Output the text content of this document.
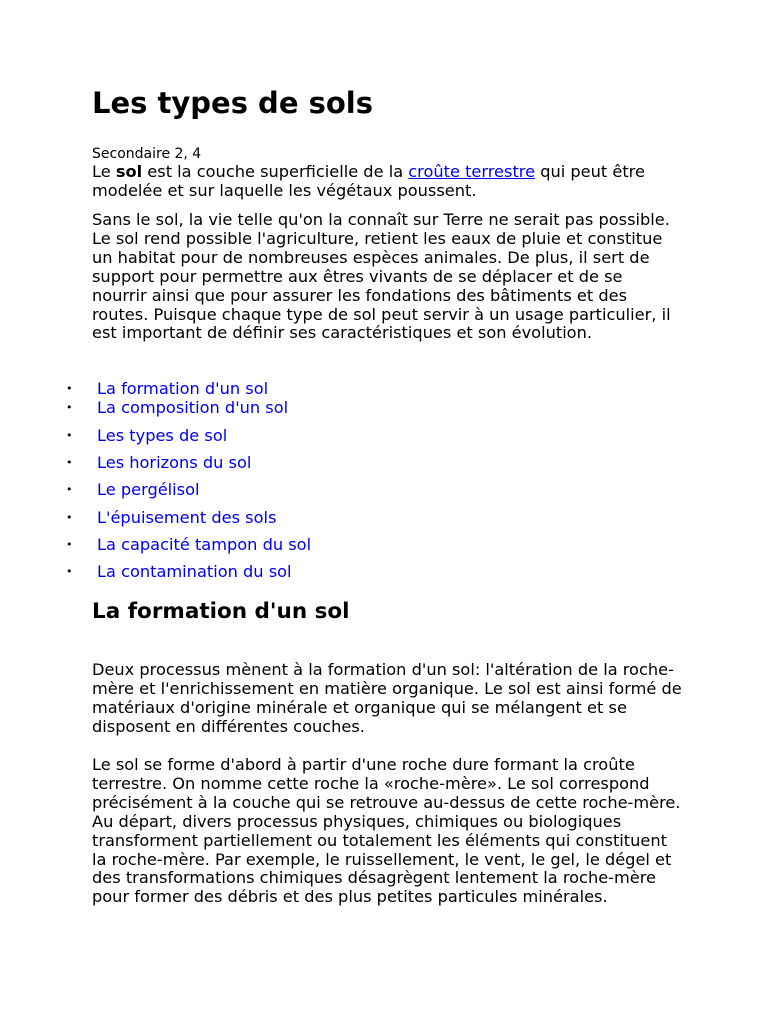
Les types de sols
Secondaire 2, 4

Le sol est la couche superficielle de la croûte terrestre qui peut être modelée et sur laquelle les végétaux poussent.

Sans le sol, la vie telle qu'on la connaît sur Terre ne serait pas possible. Le sol rend possible l'agriculture, retient les eaux de pluie et constitue un habitat pour de nombreuses espèces animales. De plus, il sert de support pour permettre aux êtres vivants de se déplacer et de se nourrir ainsi que pour assurer les fondations des bâtiments et des routes. Puisque chaque type de sol peut servir à un usage particulier, il est important de définir ses caractéristiques et son évolution.

La formation d'un sol

Deux processus mènent à la formation d'un sol: l'altération de la roche-mère et l'enrichissement en matière organique. Le sol est ainsi formé de matériaux d'origine minérale et organique qui se mélangent et se disposent en différentes couches.

Le sol se forme d'abord à partir d'une roche dure formant la croûte terrestre. On nomme cette roche la «roche-mère». Le sol correspond précisément à la couche qui se retrouve au-dessus de cette roche-mère. Au départ, divers processus physiques, chimiques ou biologiques transforment partiellement ou totalement les éléments qui constituent la roche-mère. Par exemple, le ruissellement, le vent, le gel, le dégel et des transformations chimiques désagrègent lentement la roche-mère pour former des débris et des plus petites particules minérales.

• La formation d'un sol
• La composition d'un sol
• Les types de sol
• Les horizons du sol
• Le pergélisol
• L'épuisement des sols
• La capacité tampon du sol
• La contamination du sol
